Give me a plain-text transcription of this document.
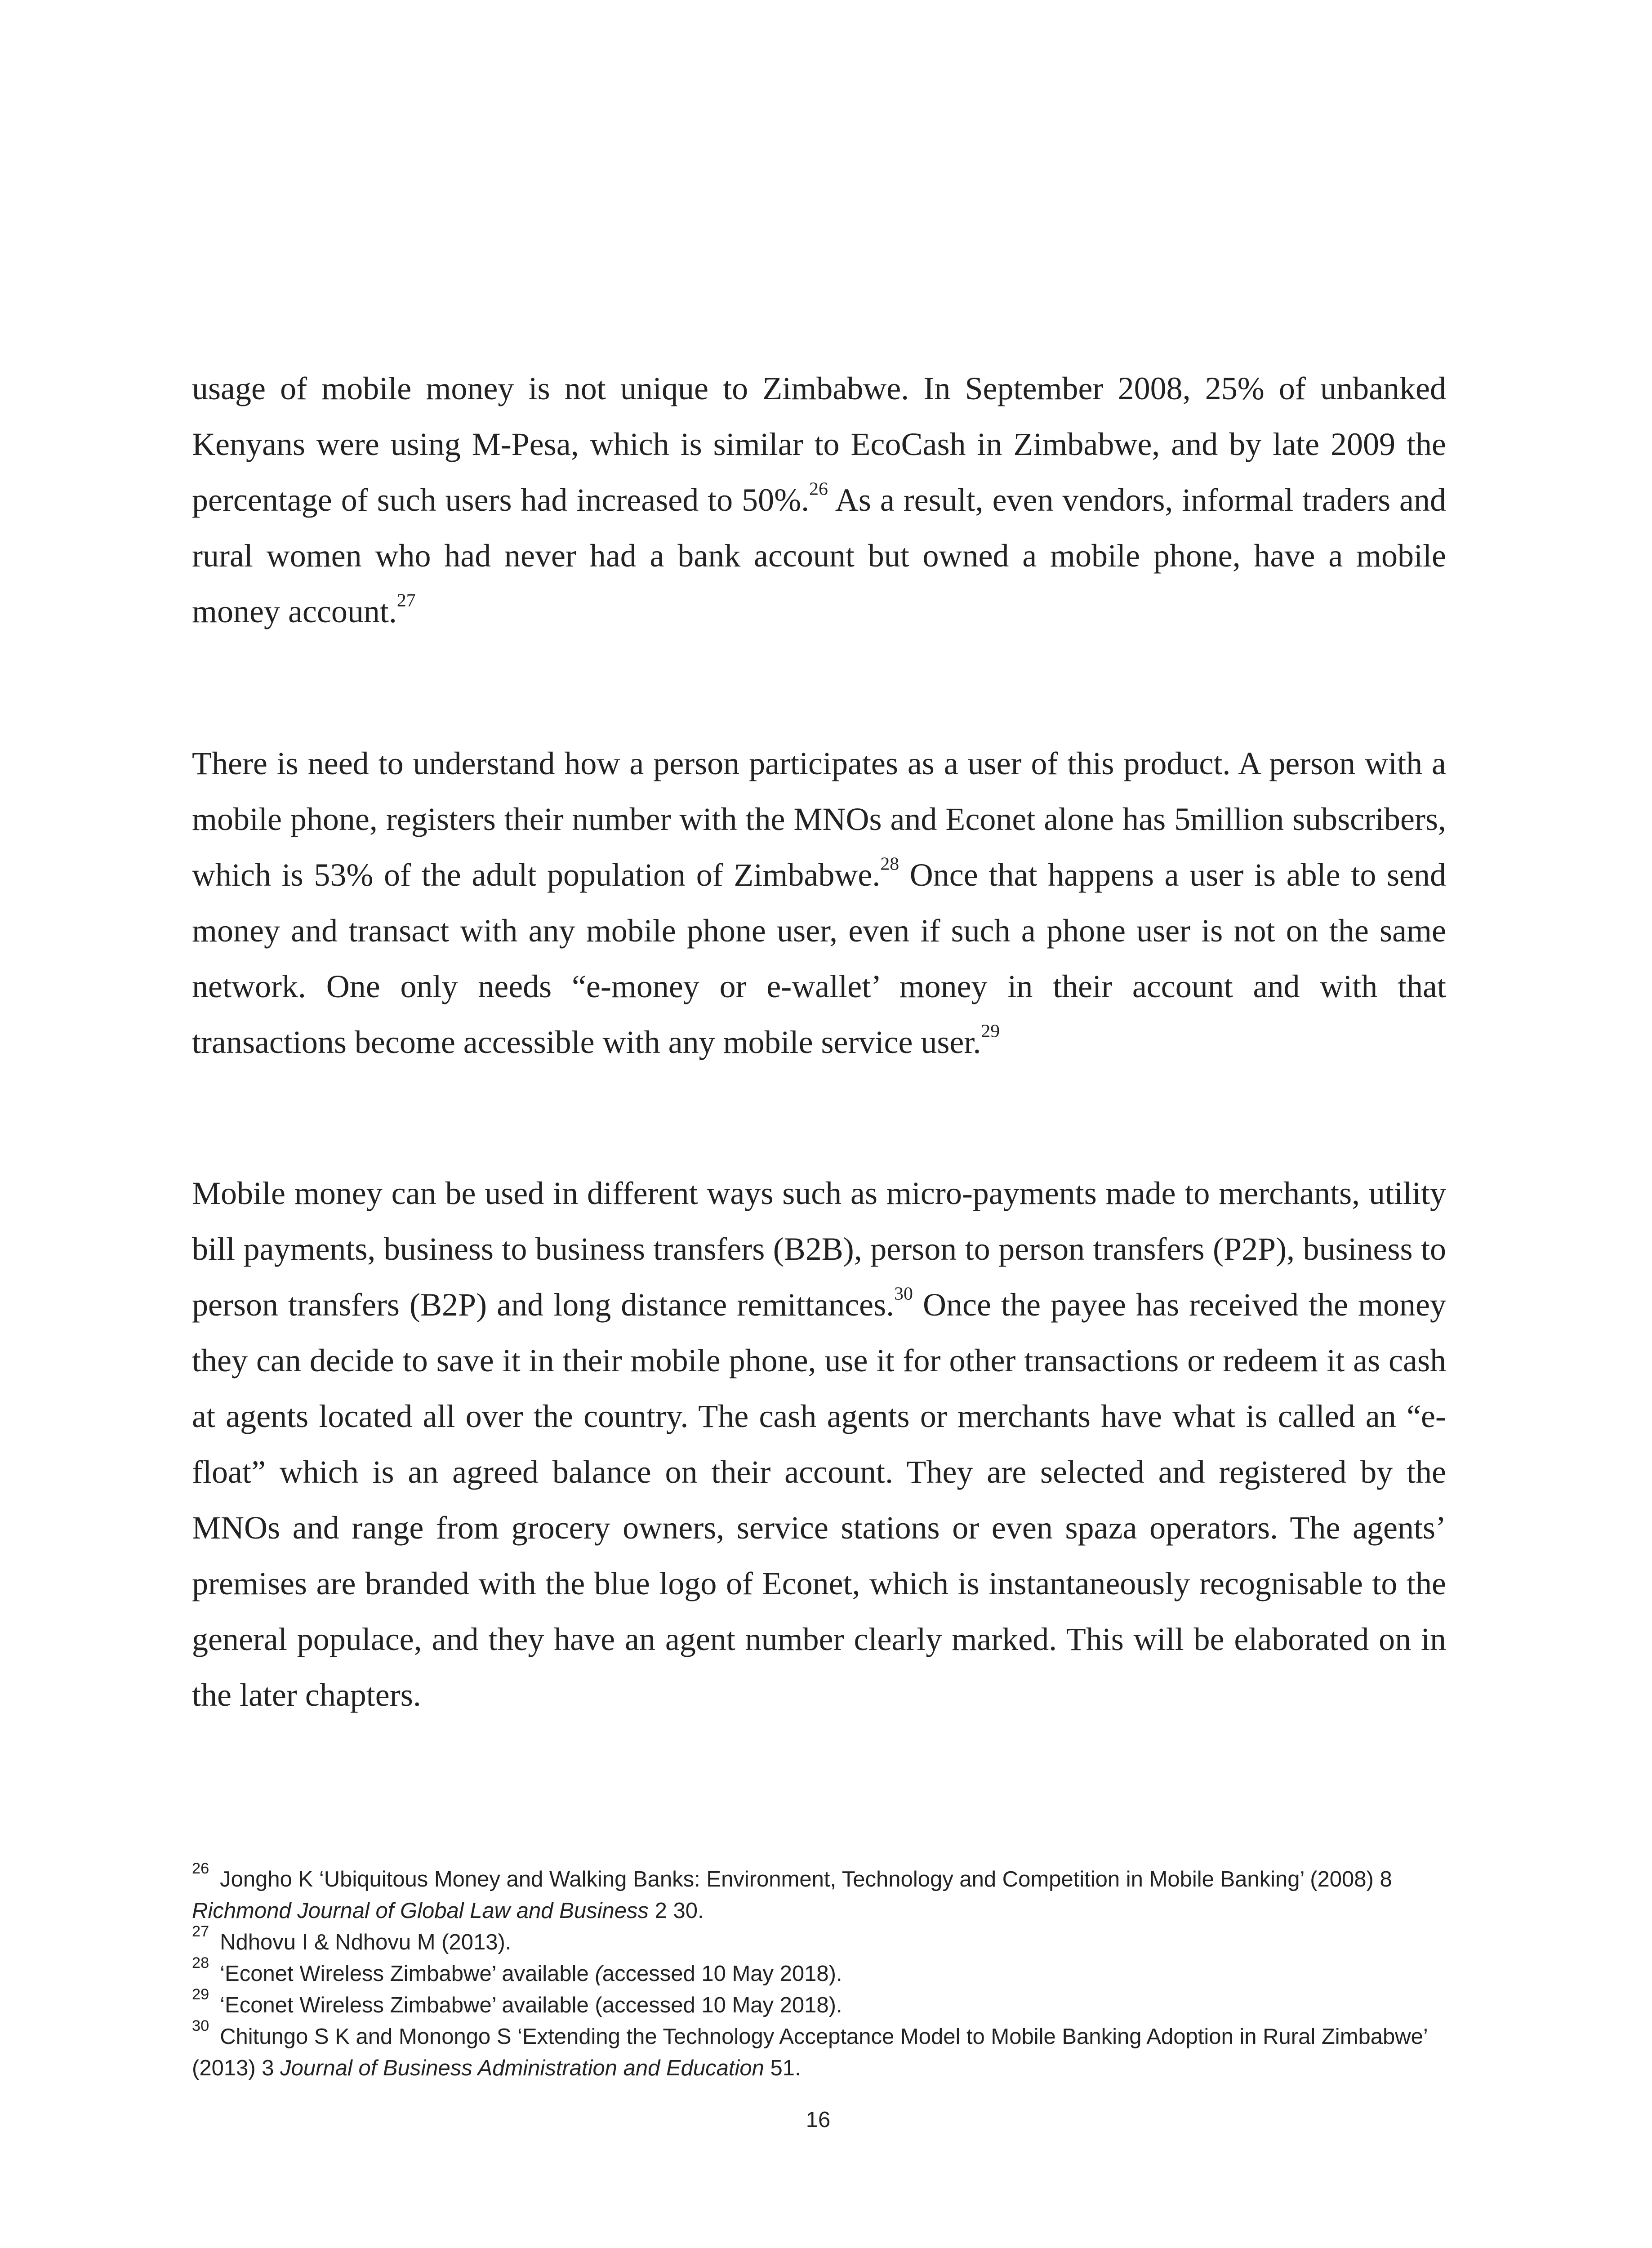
usage of mobile money is not unique to Zimbabwe. In September 2008, 25% of unbanked Kenyans were using M-Pesa, which is similar to EcoCash in Zimbabwe, and by late 2009 the percentage of such users had increased to 50%.$^{26}$ As a result, even vendors, informal traders and rural women who had never had a bank account but owned a mobile phone, have a mobile money account.$^{27}$

There is need to understand how a person participates as a user of this product. A person with a mobile phone, registers their number with the MNOs and Econet alone has 5million subscribers, which is 53% of the adult population of Zimbabwe.$^{28}$ Once that happens a user is able to send money and transact with any mobile phone user, even if such a phone user is not on the same network. One only needs “e-money or e-wallet’ money in their account and with that transactions become accessible with any mobile service user.$^{29}$

Mobile money can be used in different ways such as micro-payments made to merchants, utility bill payments, business to business transfers (B2B), person to person transfers (P2P), business to person transfers (B2P) and long distance remittances.$^{30}$ Once the payee has received the money they can decide to save it in their mobile phone, use it for other transactions or redeem it as cash at agents located all over the country. The cash agents or merchants have what is called an “e-float” which is an agreed balance on their account. They are selected and registered by the MNOs and range from grocery owners, service stations or even spaza operators. The agents’ premises are branded with the blue logo of Econet, which is instantaneously recognisable to the general populace, and they have an agent number clearly marked. This will be elaborated on in the later chapters.

$^{26}$ Jongho K ‘Ubiquitous Money and Walking Banks: Environment, Technology and Competition in Mobile Banking’ (2008) 8 Richmond Journal of Global Law and Business 2 30.

$^{27}$ Ndhovu I & Ndhovu M (2013).

$^{28}$ ‘Econet Wireless Zimbabwe’ available (accessed 10 May 2018).

$^{29}$ ‘Econet Wireless Zimbabwe’ available (accessed 10 May 2018).

$^{30}$ Chitungo S K and Monongo S ‘Extending the Technology Acceptance Model to Mobile Banking Adoption in Rural Zimbabwe’ (2013) 3 Journal of Business Administration and Education 51.

16
